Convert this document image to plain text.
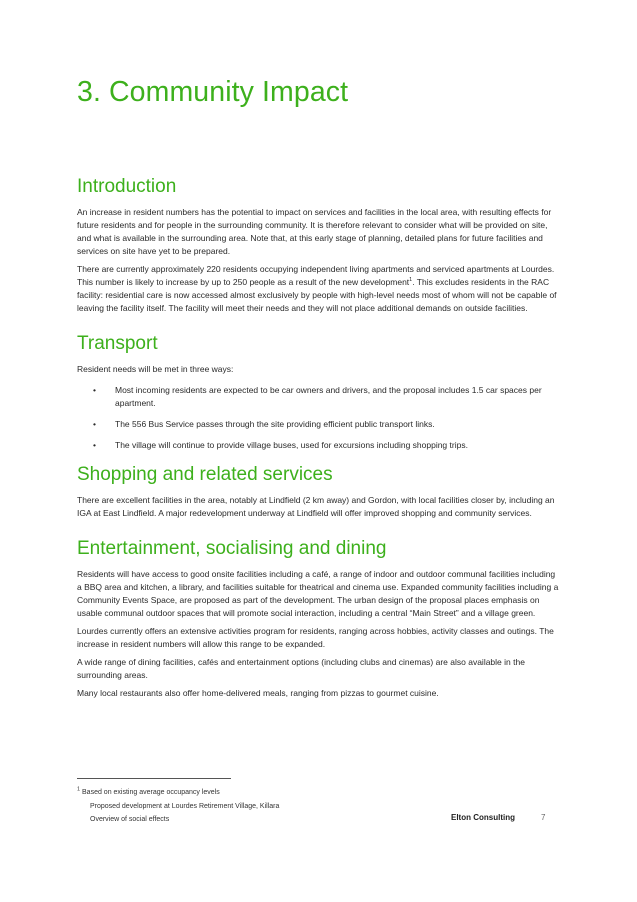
3. Community Impact
Introduction

An increase in resident numbers has the potential to impact on services and facilities in the local area, with resulting effects for future residents and for people in the surrounding community. It is therefore relevant to consider what will be provided on site, and what is available in the surrounding area. Note that, at this early stage of planning, detailed plans for future facilities and services on site have yet to be prepared.

There are currently approximately 220 residents occupying independent living apartments and serviced apartments at Lourdes. This number is likely to increase by up to 250 people as a result of the new development$^1$. This excludes residents in the RAC facility: residential care is now accessed almost exclusively by people with high-level needs most of whom will not be capable of leaving the facility itself. The facility will meet their needs and they will not place additional demands on outside facilities.

Transport

Resident needs will be met in three ways:

• Most incoming residents are expected to be car owners and drivers, and the proposal includes 1.5 car spaces per apartment.
• The 556 Bus Service passes through the site providing efficient public transport links.
• The village will continue to provide village buses, used for excursions including shopping trips.
Shopping and related services

There are excellent facilities in the area, notably at Lindfield (2 km away) and Gordon, with local facilities closer by, including an IGA at East Lindfield. A major redevelopment underway at Lindfield will offer improved shopping and community services.

Entertainment, socialising and dining

Residents will have access to good onsite facilities including a café, a range of indoor and outdoor communal facilities including a BBQ area and kitchen, a library, and facilities suitable for theatrical and cinema use. Expanded community facilities including a Community Events Space, are proposed as part of the development. The urban design of the proposal places emphasis on usable communal outdoor spaces that will promote social interaction, including a central “Main Street” and a village green.

Lourdes currently offers an extensive activities program for residents, ranging across hobbies, activity classes and outings. The increase in resident numbers will allow this range to be expanded.

A wide range of dining facilities, cafés and entertainment options (including clubs and cinemas) are also available in the surrounding areas.

Many local restaurants also offer home-delivered meals, ranging from pizzas to gourmet cuisine.

$^1$ Based on existing average occupancy levels
Proposed development at Lourdes Retirement Village, Killara
Overview of social effects	Elton Consulting	7
